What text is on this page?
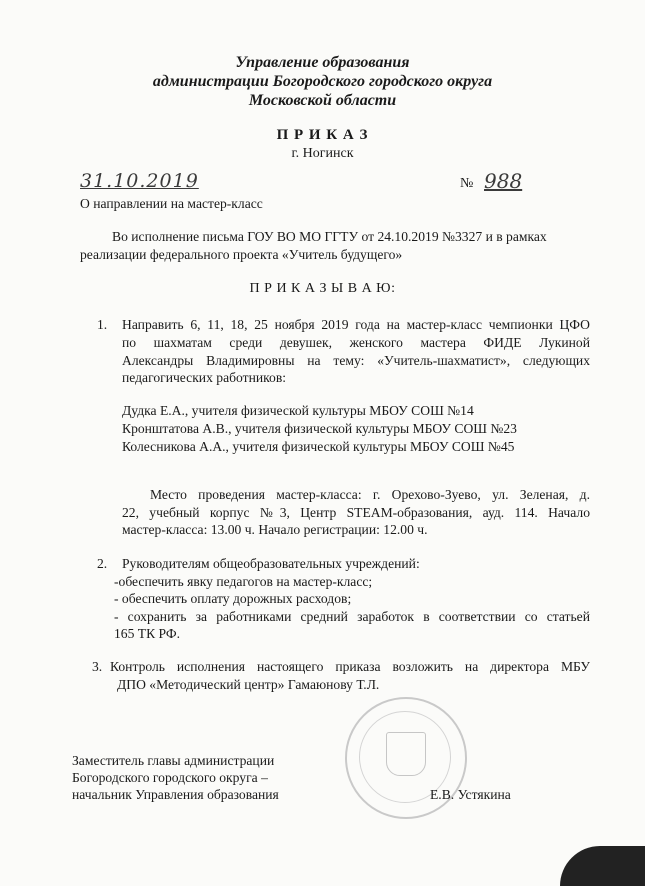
Управление образования
администрации Богородского городского округа
Московской области
П Р И К А З
г. Ногинск
31.10.2019	№ 988
О направлении на мастер-класс
Во исполнение письма ГОУ ВО МО ГГТУ от 24.10.2019 №3327 и в рамках
реализации федерального проекта «Учитель будущего»
П Р И К А З Ы В А Ю:
1. Направить 6, 11, 18, 25 ноября 2019 года на мастер-класс чемпионки ЦФО
по шахматам среди девушек, женского мастера ФИДЕ Лукиной
Александры Владимировны на тему: «Учитель-шахматист», следующих
педагогических работников:
Дудка Е.А., учителя физической культуры МБОУ СОШ №14
Кронштатова А.В., учителя физической культуры МБОУ СОШ №23
Колесникова А.А., учителя физической культуры МБОУ СОШ №45
Место проведения мастер-класса: г. Орехово-Зуево, ул. Зеленая, д.
22, учебный корпус №3, Центр STEAM-образования, ауд. 114. Начало
мастер-класса: 13.00 ч. Начало регистрации: 12.00 ч.
2. Руководителям общеобразовательных учреждений:
-обеспечить явку педагогов на мастер-класс;
- обеспечить оплату дорожных расходов;
- сохранить за работниками средний заработок в соответствии со статьей
165 ТК РФ.
3. Контроль исполнения настоящего приказа возложить на директора МБУ
ДПО «Методический центр» Гамаюнову Т.Л.
Заместитель главы администрации
Богородского городского округа –
начальник Управления образования	Е.В. Устякина
